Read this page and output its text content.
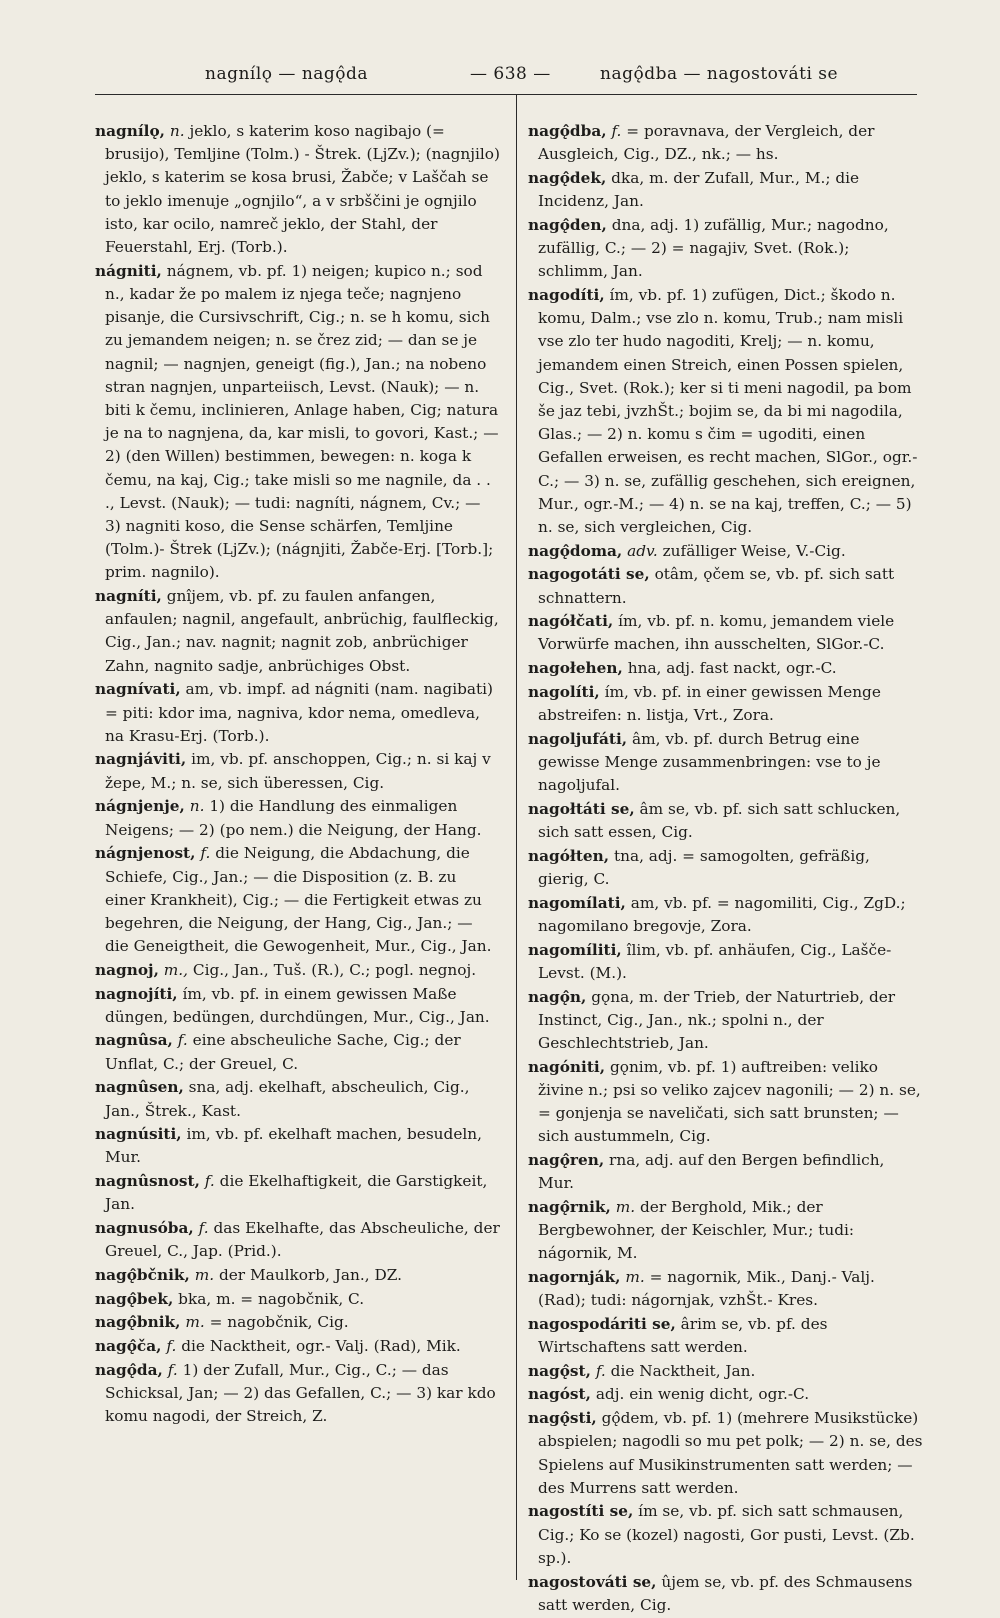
nagnílǫ — nagǫ̂da	— 638 —	nagǫ̂dba — nagostováti se

nagnílǫ, n. jeklo, s katerim koso nagibajo (= brusijo), Temljine (Tolm.) - Štrek. (LjZv.); (nagnjilo) jeklo, s katerim se kosa brusi, Žabče; v Laščah se to jeklo imenuje „ognjilo“, a v srbščini je ognjilo isto, kar ocilo, namreč jeklo, der Stahl, der Feuerstahl, Erj. (Torb.).

nágniti, nágnem, vb. pf. 1) neigen; kupico n.; sod n., kadar že po malem iz njega teče; nagnjeno pisanje, die Cursivschrift, Cig.; n. se h komu, sich zu jemandem neigen; n. se črez zid; — dan se je nagnil; — nagnjen, geneigt (fig.), Jan.; na nobeno stran nagnjen, unparteiisch, Levst. (Nauk); — n. biti k čemu, inclinieren, Anlage haben, Cig; natura je na to nagnjena, da, kar misli, to govori, Kast.; — 2) (den Willen) bestimmen, bewegen: n. koga k čemu, na kaj, Cig.; take misli so me nagnile, da . . ., Levst. (Nauk); — tudi: nagníti, nágnem, Cv.; — 3) nagniti koso, die Sense schärfen, Temljine (Tolm.)- Štrek (LjZv.); (nágnjiti, Žabče-Erj. [Torb.]; prim. nagnilo).

nagníti, gnîjem, vb. pf. zu faulen anfangen, anfaulen; nagnil, angefault, anbrüchig, faulfleckig, Cig., Jan.; nav. nagnit; nagnit zob, anbrüchiger Zahn, nagnito sadje, anbrüchiges Obst.

nagnívati, am, vb. impf. ad nágniti (nam. nagibati) = piti: kdor ima, nagniva, kdor nema, omedleva, na Krasu-Erj. (Torb.).

nagnjáviti, im, vb. pf. anschoppen, Cig.; n. si kaj v žepe, M.; n. se, sich überessen, Cig.

nágnjenje, n. 1) die Handlung des einmaligen Neigens; — 2) (po nem.) die Neigung, der Hang.

nágnjenost, f. die Neigung, die Abdachung, die Schiefe, Cig., Jan.; — die Disposition (z. B. zu einer Krankheit), Cig.; — die Fertigkeit etwas zu begehren, die Neigung, der Hang, Cig., Jan.; — die Geneigtheit, die Gewogenheit, Mur., Cig., Jan.

nagnoj, m., Cig., Jan., Tuš. (R.), C.; pogl. negnoj.

nagnojíti, ím, vb. pf. in einem gewissen Maße düngen, bedüngen, durchdüngen, Mur., Cig., Jan.

nagnûsa, f. eine abscheuliche Sache, Cig.; der Unflat, C.; der Greuel, C.

nagnûsen, sna, adj. ekelhaft, abscheulich, Cig., Jan., Štrek., Kast.

nagnúsiti, im, vb. pf. ekelhaft machen, besudeln, Mur.

nagnûsnost, f. die Ekelhaftigkeit, die Garstigkeit, Jan.

nagnusóba, f. das Ekelhafte, das Abscheuliche, der Greuel, C., Jap. (Prid.).

nagǫ̂bčnik, m. der Maulkorb, Jan., DZ.

nagǫ̂bek, bka, m. = nagobčnik, C.

nagǫ̂bnik, m. = nagobčnik, Cig.

nagǫ̂ča, f. die Nacktheit, ogr.- Valj. (Rad), Mik.

nagǫ̂da, f. 1) der Zufall, Mur., Cig., C.; — das Schicksal, Jan; — 2) das Gefallen, C.; — 3) kar kdo komu nagodi, der Streich, Z.

nagǫ̂dba, f. = poravnava, der Vergleich, der Ausgleich, Cig., DZ., nk.; — hs.

nagǫ̂dek, dka, m. der Zufall, Mur., M.; die Incidenz, Jan.

nagǫ̂den, dna, adj. 1) zufällig, Mur.; nagodno, zufällig, C.; — 2) = nagajiv, Svet. (Rok.); schlimm, Jan.

nagodíti, ím, vb. pf. 1) zufügen, Dict.; škodo n. komu, Dalm.; vse zlo n. komu, Trub.; nam misli vse zlo ter hudo nagoditi, Krelj; — n. komu, jemandem einen Streich, einen Possen spielen, Cig., Svet. (Rok.); ker si ti meni nagodil, pa bom še jaz tebi, jvzhŠt.; bojim se, da bi mi nagodila, Glas.; — 2) n. komu s čim = ugoditi, einen Gefallen erweisen, es recht machen, SlGor., ogr.-C.; — 3) n. se, zufällig geschehen, sich ereignen, Mur., ogr.-M.; — 4) n. se na kaj, treffen, C.; — 5) n. se, sich vergleichen, Cig.

nagǫ̂doma, adv. zufälliger Weise, V.-Cig.

nagogotáti se, otâm, ǫčem se, vb. pf. sich satt schnattern.

nagółčati, ím, vb. pf. n. komu, jemandem viele Vorwürfe machen, ihn ausschelten, SlGor.-C.

nagołehen, hna, adj. fast nackt, ogr.-C.

nagolíti, ím, vb. pf. in einer gewissen Menge abstreifen: n. listja, Vrt., Zora.

nagoljufáti, âm, vb. pf. durch Betrug eine gewisse Menge zusammenbringen: vse to je nagoljufal.

nagołtáti se, âm se, vb. pf. sich satt schlucken, sich satt essen, Cig.

nagółten, tna, adj. = samogolten, gefräßig, gierig, C.

nagomílati, am, vb. pf. = nagomiliti, Cig., ZgD.; nagomilano bregovje, Zora.

nagomíliti, îlim, vb. pf. anhäufen, Cig., Lašče- Levst. (M.).

nagǫ̂n, gǫna, m. der Trieb, der Naturtrieb, der Instinct, Cig., Jan., nk.; spolni n., der Geschlechtstrieb, Jan.

nagóniti, gǫnim, vb. pf. 1) auftreiben: veliko živine n.; psi so veliko zajcev nagonili; — 2) n. se, = gonjenja se naveličati, sich satt brunsten; — sich austummeln, Cig.

nagǫ̂ren, rna, adj. auf den Bergen befindlich, Mur.

nagǫ̂rnik, m. der Berghold, Mik.; der Bergbewohner, der Keischler, Mur.; tudi: nágornik, M.

nagornják, m. = nagornik, Mik., Danj.- Valj. (Rad); tudi: nágornjak, vzhŠt.- Kres.

nagospodáriti se, ârim se, vb. pf. des Wirtschaftens satt werden.

nagǫ̂st, f. die Nacktheit, Jan.

nagóst, adj. ein wenig dicht, ogr.-C.

nagǫ̂sti, gǫ̂dem, vb. pf. 1) (mehrere Musikstücke) abspielen; nagodli so mu pet polk; — 2) n. se, des Spielens auf Musikinstrumenten satt werden; — des Murrens satt werden.

nagostíti se, ím se, vb. pf. sich satt schmausen, Cig.; Ko se (kozel) nagosti, Gor pusti, Levst. (Zb. sp.).

nagostováti se, ûjem se, vb. pf. des Schmausens satt werden, Cig.
